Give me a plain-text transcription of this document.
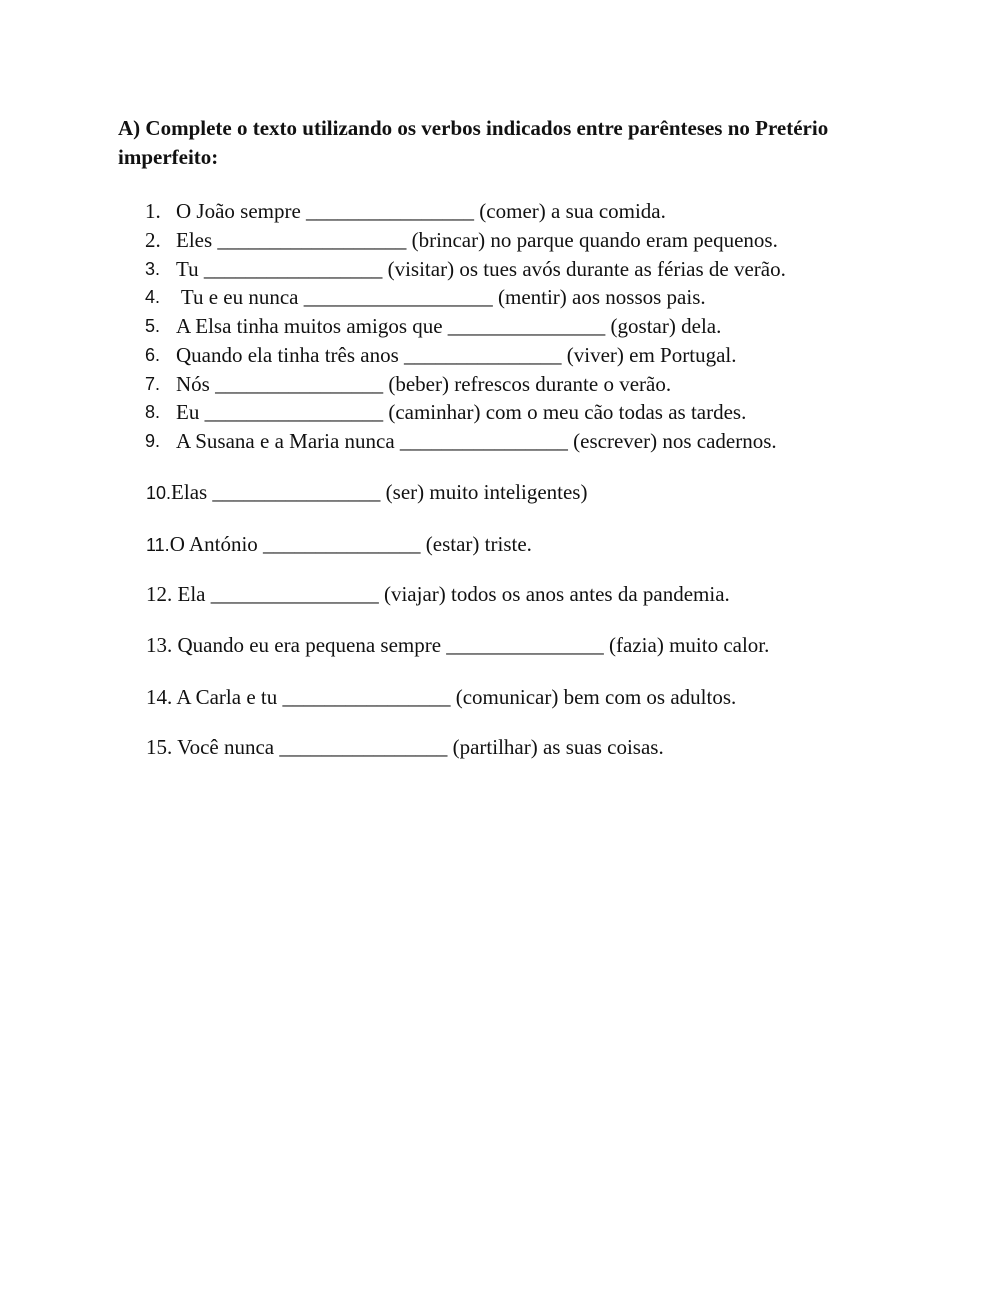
A) Complete o texto utilizando os verbos indicados entre parênteses no Pretério imperfeito:
1. O João sempre ________________ (comer) a sua comida.
2. Eles __________________ (brincar) no parque quando eram pequenos.
3. Tu _________________ (visitar) os tues avós durante as férias de verão.
4. Tu e eu nunca __________________ (mentir) aos nossos pais.
5. A Elsa tinha muitos amigos que _______________ (gostar) dela.
6. Quando ela tinha três anos _______________ (viver) em Portugal.
7. Nós ________________ (beber) refrescos durante o verão.
8. Eu _________________ (caminhar) com o meu cão todas as tardes.
9. A Susana e a Maria nunca ________________ (escrever) nos cadernos.
10.Elas ________________ (ser) muito inteligentes)
11.O António _______________ (estar) triste.
12. Ela ________________ (viajar) todos os anos antes da pandemia.
13. Quando eu era pequena sempre _______________ (fazia) muito calor.
14. A Carla e tu ________________ (comunicar) bem com os adultos.
15. Você nunca ________________ (partilhar) as suas coisas.
